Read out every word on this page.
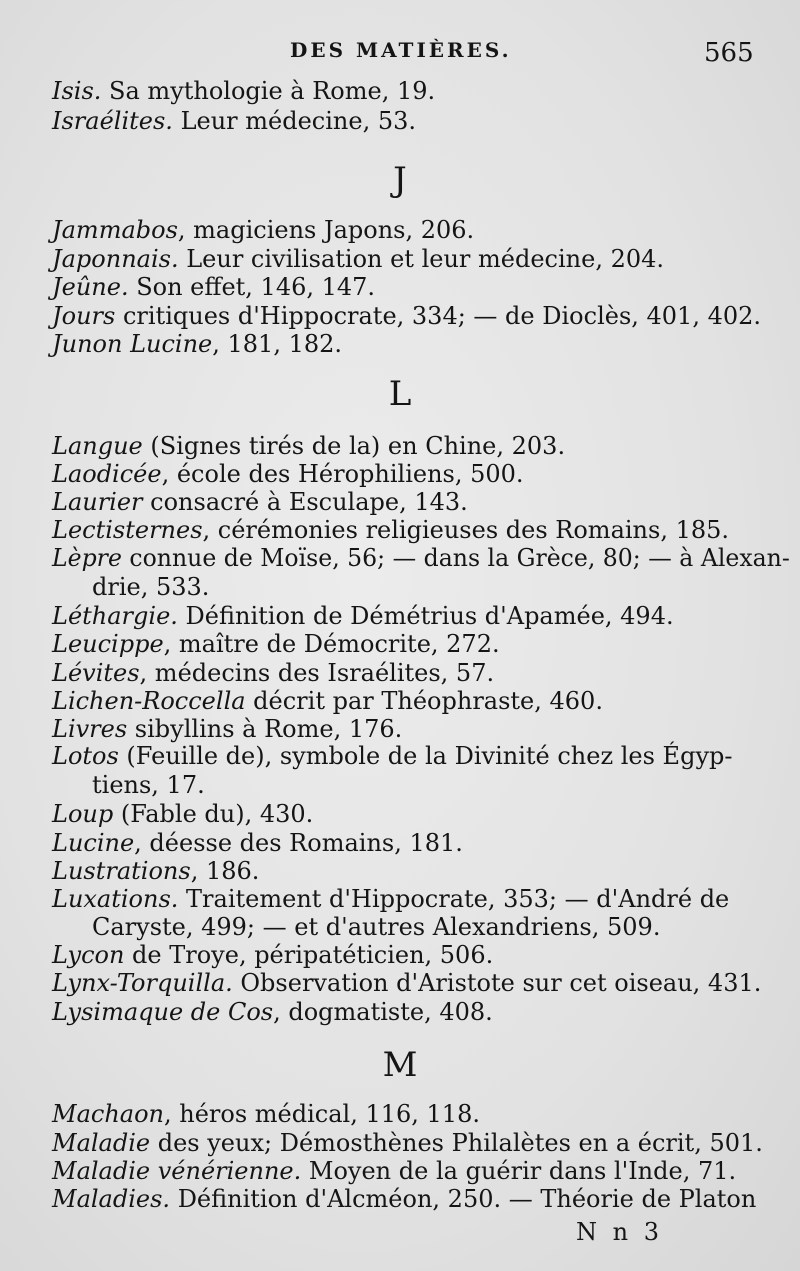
DES MATIÈRES.	565
Isis. Sa mythologie à Rome, 19.
Israélites. Leur médecine, 53.
J
Jammabos, magiciens Japons, 206.
Japonnais. Leur civilisation et leur médecine, 204.
Jeûne. Son effet, 146, 147.
Jours critiques d'Hippocrate, 334; — de Dioclès, 401, 402.
Junon Lucine, 181, 182.
L
Langue (Signes tirés de la) en Chine, 203.
Laodicée, école des Hérophiliens, 500.
Laurier consacré à Esculape, 143.
Lectisternes, cérémonies religieuses des Romains, 185.
Lèpre connue de Moïse, 56; — dans la Grèce, 80; — à Alexan-
drie, 533.
Léthargie. Définition de Démétrius d'Apamée, 494.
Leucippe, maître de Démocrite, 272.
Lévites, médecins des Israélites, 57.
Lichen-Roccella décrit par Théophraste, 460.
Livres sibyllins à Rome, 176.
Lotos (Feuille de), symbole de la Divinité chez les Égyp-
tiens, 17.
Loup (Fable du), 430.
Lucine, déesse des Romains, 181.
Lustrations, 186.
Luxations. Traitement d'Hippocrate, 353; — d'André de
Caryste, 499; — et d'autres Alexandriens, 509.
Lycon de Troye, péripatéticien, 506.
Lynx-Torquilla. Observation d'Aristote sur cet oiseau, 431.
Lysimaque de Cos, dogmatiste, 408.
M
Machaon, héros médical, 116, 118.
Maladie des yeux; Démosthènes Philalètes en a écrit, 501.
Maladie vénérienne. Moyen de la guérir dans l'Inde, 71.
Maladies. Définition d'Alcméon, 250. — Théorie de Platon
N n 3
